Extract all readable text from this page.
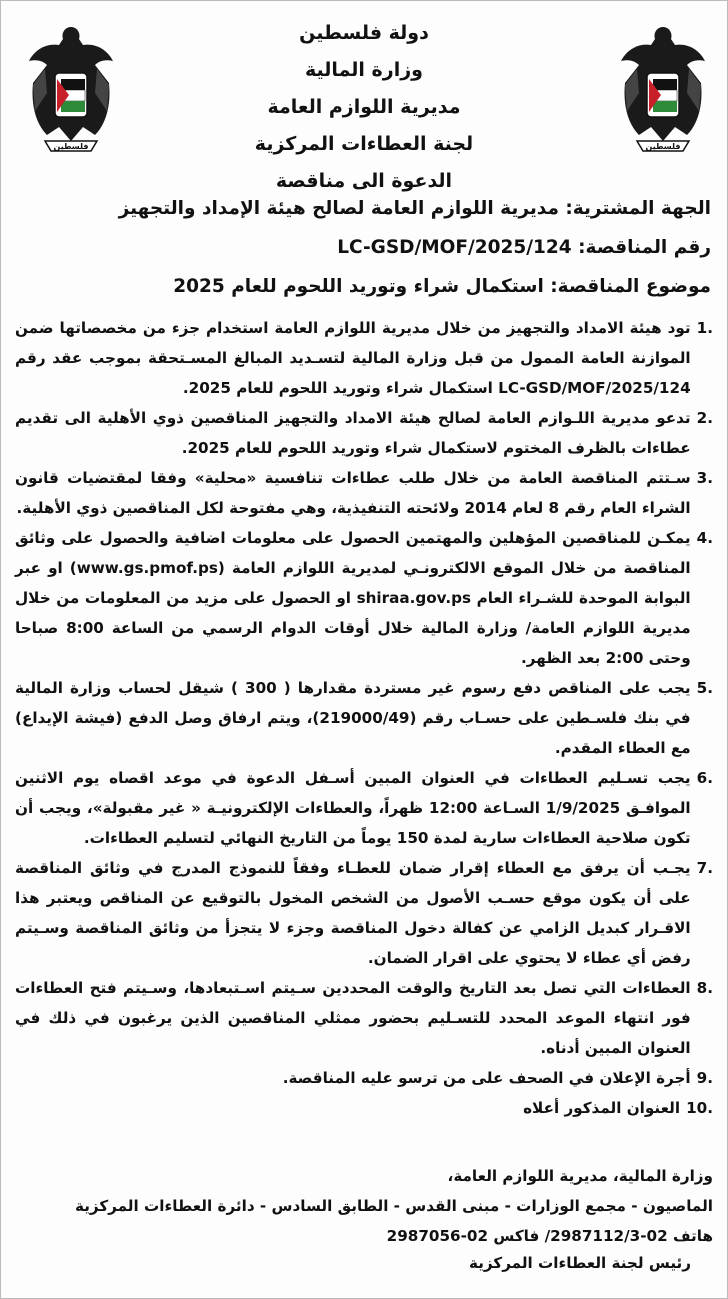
فلسطين
فلسطين
دولة فلسطين
وزارة المالية
مديرية اللوازم العامة
لجنة العطاءات المركزية
الدعوة الى مناقصة
الجهة المشترية: مديرية اللوازم العامة لصالح هيئة الإمداد والتجهيز
رقم المناقصة: LC-GSD/MOF/2025/124
موضوع المناقصة: استكمال شراء وتوريد اللحوم للعام 2025
.1
تود هيئة الامداد والتجهيز من خلال مديرية اللوازم العامة استخدام جزء من مخصصاتها ضمن الموازنة العامة الممول من قبل وزارة المالية لتسـديد المبالغ المسـتحقة بموجب عقد رقم LC-GSD/MOF/2025/124 استكمال شراء وتوريد اللحوم للعام 2025.
.2
تدعو مديرية اللـوازم العامة لصالح هيئة الامداد والتجهيز المناقصين ذوي الأهلية الى تقديم عطاءات بالظرف المختوم لاستكمال شراء وتوريد اللحوم للعام 2025.
.3
سـتتم المناقصة العامة من خلال طلب عطاءات تنافسية «محلية» وفقا لمقتضيات قانون الشراء العام رقم 8 لعام 2014 ولائحته التنفيذية، وهي مفتوحة لكل المناقصين ذوي الأهلية.
.4
يمكـن للمناقصين المؤهلين والمهتمين الحصول على معلومات اضافية والحصول على وثائق المناقصة من خلال الموقع الالكترونـي لمديرية اللوازم العامة (www.gs.pmof.ps) او عبر البوابة الموحدة للشـراء العام shiraa.gov.ps او الحصول على مزيد من المعلومات من خلال مديرية اللوازم العامة/ وزارة المالية خلال أوقات الدوام الرسمي من الساعة 8:00 صباحا وحتى 2:00 بعد الظهر.
.5
يجب على المناقص دفع رسوم غير مستردة مقدارها ( 300 ) شيقل لحساب وزارة المالية في بنك فلسـطين على حسـاب رقم (219000/49)، ويتم ارفاق وصل الدفع (فيشة الإيداع) مع العطاء المقدم.
.6
يجب تسـليم العطاءات في العنوان المبين أسـفل الدعوة في موعد اقصاه يوم الاثنين الموافـق 1/9/2025 السـاعة 12:00 ظهراً، والعطاءات الإلكترونيـة « غير مقبولة»، ويجب أن تكون صلاحية العطاءات سارية لمدة 150 يوماً من التاريخ النهائي لتسليم العطاءات.
.7
يجـب أن يرفق مع العطاء إقرار ضمان للعطـاء وفقاً للنموذج المدرج في وثائق المناقصة على أن يكون موقع حسـب الأصول من الشخص المخول بالتوقيع عن المناقص ويعتبر هذا الاقـرار كبديل الزامي عن كفالة دخول المناقصة وجزء لا يتجزأ من وثائق المناقصة وسـيتم رفض أي عطاء لا يحتوي على اقرار الضمان.
.8
العطاءات التي تصل بعد التاريخ والوقت المحددين سـيتم اسـتبعادها، وسـيتم فتح العطاءات فور انتهاء الموعد المحدد للتسـليم بحضور ممثلي المناقصين الذين يرغبون في ذلك في العنوان المبين أدناه.
.9
أجرة الإعلان في الصحف على من ترسو عليه المناقصة.
.10
العنوان المذكور أعلاه
وزارة المالية، مديرية اللوازم العامة،
الماصيون - مجمع الوزارات - مبنى القدس - الطابق السادس - دائرة العطاءات المركزية
هاتف 02-2987112/3/ فاكس 02-2987056
رئيس لجنة العطاءات المركزية
